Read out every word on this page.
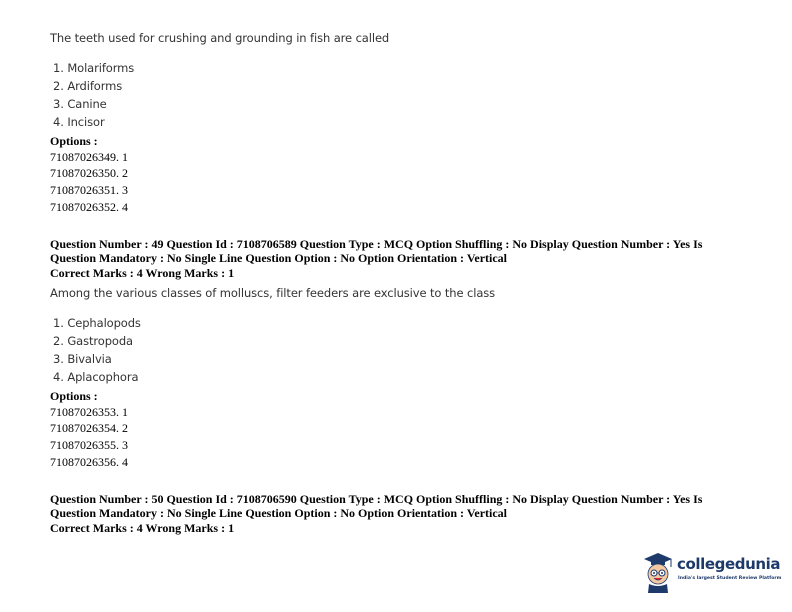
The teeth used for crushing and grounding in fish are called
1. Molariforms
2. Ardiforms
3. Canine
4. Incisor
Options :
71087026349. 1
71087026350. 2
71087026351. 3
71087026352. 4
Question Number : 49 Question Id : 7108706589 Question Type : MCQ Option Shuffling : No Display Question Number : Yes Is
Question Mandatory : No Single Line Question Option : No Option Orientation : Vertical
Correct Marks : 4 Wrong Marks : 1
Among the various classes of molluscs, filter feeders are exclusive to the class
1. Cephalopods
2. Gastropoda
3. Bivalvia
4. Aplacophora
Options :
71087026353. 1
71087026354. 2
71087026355. 3
71087026356. 4
Question Number : 50 Question Id : 7108706590 Question Type : MCQ Option Shuffling : No Display Question Number : Yes Is
Question Mandatory : No Single Line Question Option : No Option Orientation : Vertical
Correct Marks : 4 Wrong Marks : 1
collegedunia
India's largest Student Review Platform
